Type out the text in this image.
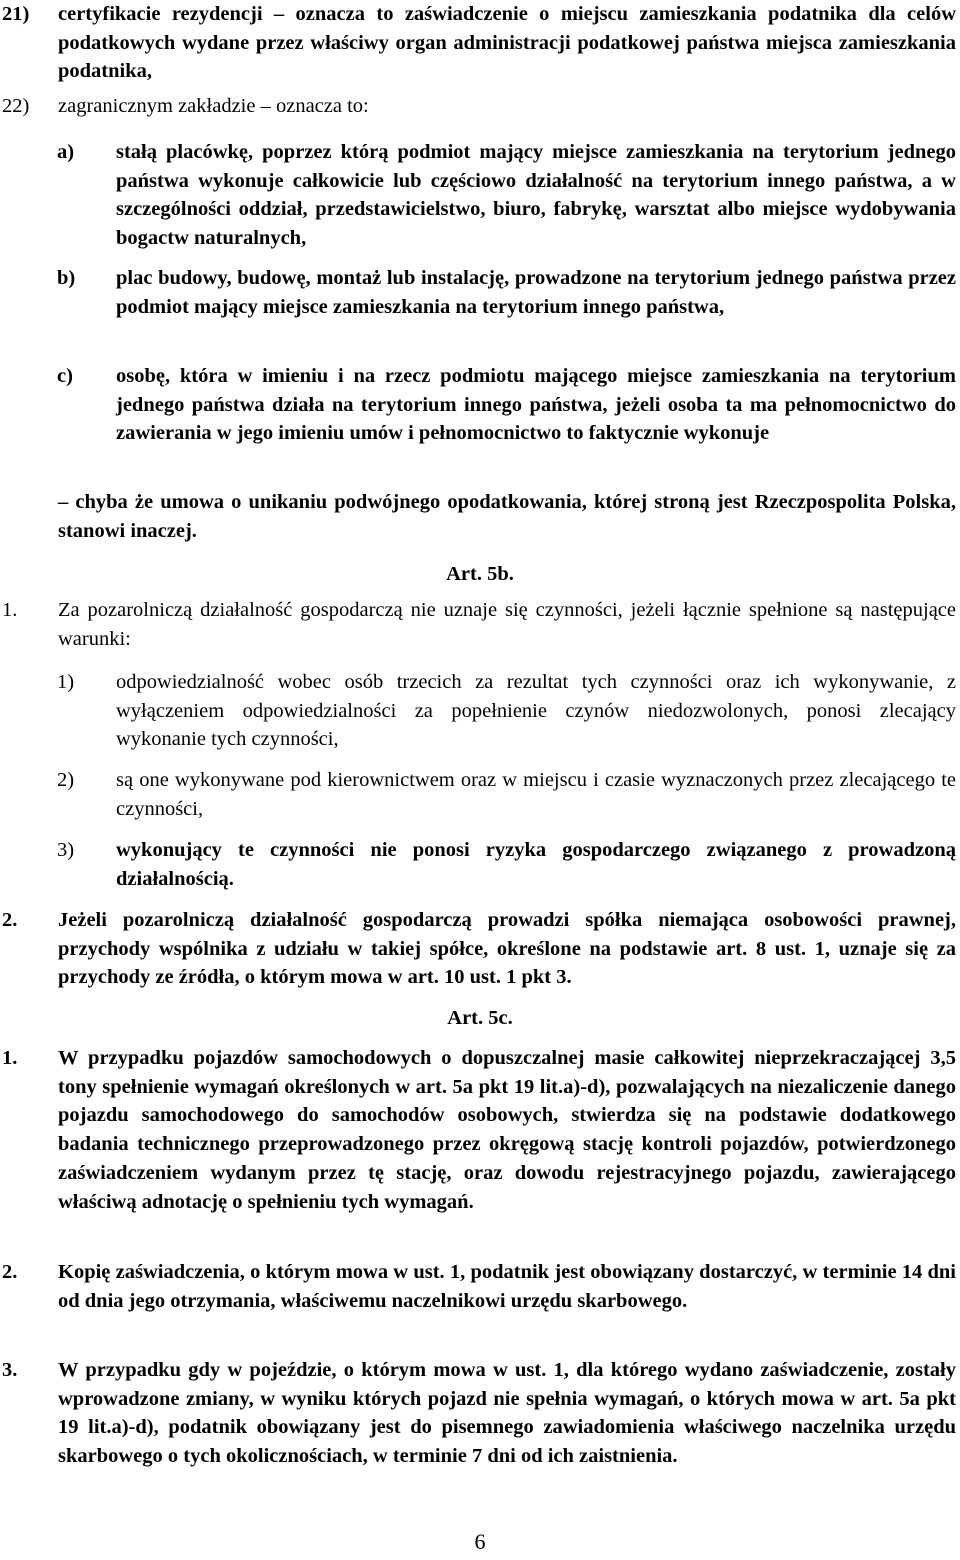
21) certyfikacie rezydencji – oznacza to zaświadczenie o miejscu zamieszkania podatnika dla celów podatkowych wydane przez właściwy organ administracji podatkowej państwa miejsca zamieszkania podatnika,
22) zagranicznym zakładzie – oznacza to:
a) stałą placówkę, poprzez którą podmiot mający miejsce zamieszkania na terytorium jednego państwa wykonuje całkowicie lub częściowo działalność na terytorium innego państwa, a w szczególności oddział, przedstawicielstwo, biuro, fabrykę, warsztat albo miejsce wydobywania bogactw naturalnych,
b) plac budowy, budowę, montaż lub instalację, prowadzone na terytorium jednego państwa przez podmiot mający miejsce zamieszkania na terytorium innego państwa,
c) osobę, która w imieniu i na rzecz podmiotu mającego miejsce zamieszkania na terytorium jednego państwa działa na terytorium innego państwa, jeżeli osoba ta ma pełnomocnictwo do zawierania w jego imieniu umów i pełnomocnictwo to faktycznie wykonuje
– chyba że umowa o unikaniu podwójnego opodatkowania, której stroną jest Rzeczpospolita Polska, stanowi inaczej.
Art. 5b.
1. Za pozarolniczą działalność gospodarczą nie uznaje się czynności, jeżeli łącznie spełnione są następujące warunki:
1) odpowiedzialność wobec osób trzecich za rezultat tych czynności oraz ich wykonywanie, z wyłączeniem odpowiedzialności za popełnienie czynów niedozwolonych, ponosi zlecający wykonanie tych czynności,
2) są one wykonywane pod kierownictwem oraz w miejscu i czasie wyznaczonych przez zlecającego te czynności,
3) wykonujący te czynności nie ponosi ryzyka gospodarczego związanego z prowadzoną działalnością.
2. Jeżeli pozarolniczą działalność gospodarczą prowadzi spółka niemająca osobowości prawnej, przychody wspólnika z udziału w takiej spółce, określone na podstawie art. 8 ust. 1, uznaje się za przychody ze źródła, o którym mowa w art. 10 ust. 1 pkt 3.
Art. 5c.
1. W przypadku pojazdów samochodowych o dopuszczalnej masie całkowitej nieprzekraczającej 3,5 tony spełnienie wymagań określonych w art. 5a pkt 19 lit.a)-d), pozwalających na niezaliczenie danego pojazdu samochodowego do samochodów osobowych, stwierdza się na podstawie dodatkowego badania technicznego przeprowadzonego przez okręgową stację kontroli pojazdów, potwierdzonego zaświadczeniem wydanym przez tę stację, oraz dowodu rejestracyjnego pojazdu, zawierającego właściwą adnotację o spełnieniu tych wymagań.
2. Kopię zaświadczenia, o którym mowa w ust. 1, podatnik jest obowiązany dostarczyć, w terminie 14 dni od dnia jego otrzymania, właściwemu naczelnikowi urzędu skarbowego.
3. W przypadku gdy w pojeździe, o którym mowa w ust. 1, dla którego wydano zaświadczenie, zostały wprowadzone zmiany, w wyniku których pojazd nie spełnia wymagań, o których mowa w art. 5a pkt 19 lit.a)-d), podatnik obowiązany jest do pisemnego zawiadomienia właściwego naczelnika urzędu skarbowego o tych okolicznościach, w terminie 7 dni od ich zaistnienia.
6
